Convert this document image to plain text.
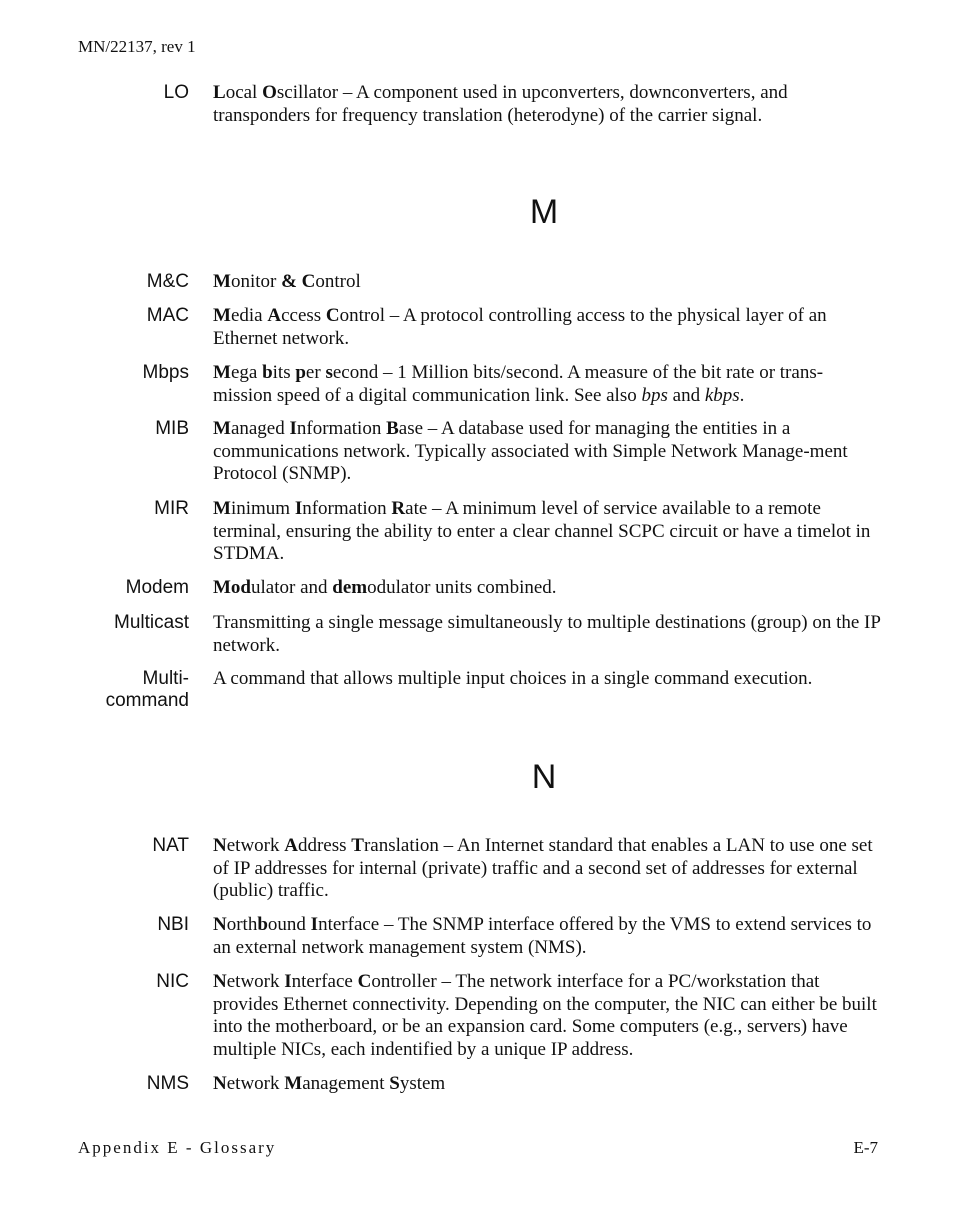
MN/22137, rev 1
M
N
LO Local Oscillator – A component used in upconverters, downconverters, and transponders for frequency translation (heterodyne) of the carrier signal.
M&C Monitor & Control
MAC Media Access Control – A protocol controlling access to the physical layer of an Ethernet network.
Mbps Mega bits per second – 1 Million bits/second. A measure of the bit rate or trans-mission speed of a digital communication link. See also bps and kbps.
MIB Managed Information Base – A database used for managing the entities in a communications network. Typically associated with Simple Network Manage-ment Protocol (SNMP).
MIR Minimum Information Rate – A minimum level of service available to a remote terminal, ensuring the ability to enter a clear channel SCPC circuit or have a timelot in STDMA.
Modem Modulator and demodulator units combined.
Multicast Transmitting a single message simultaneously to multiple destinations (group) on the IP network.
Multi-
command
A command that allows multiple input choices in a single command execution.
NAT Network Address Translation – An Internet standard that enables a LAN to use one set of IP addresses for internal (private) traffic and a second set of addresses for external (public) traffic.
NBI Northbound Interface – The SNMP interface offered by the VMS to extend services to an external network management system (NMS).
NIC Network Interface Controller – The network interface for a PC/workstation that provides Ethernet connectivity. Depending on the computer, the NIC can either be built into the motherboard, or be an expansion card. Some computers (e.g., servers) have multiple NICs, each indentified by a unique IP address.
NMS Network Management System
Appendix E - Glossary	E-7
